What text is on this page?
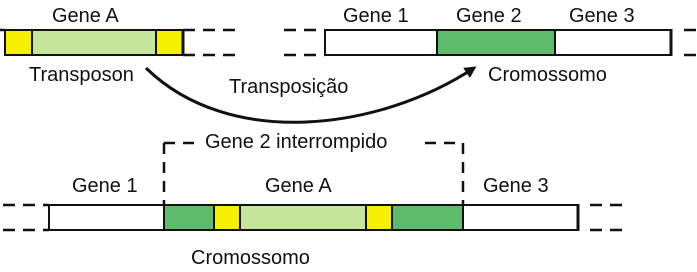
Gene A
Transposon
Gene 1 Gene 2 Gene 3
Cromossomo
Transposição
Gene 2 interrompido
Gene 1	Gene A	Gene 3
Cromossomo
